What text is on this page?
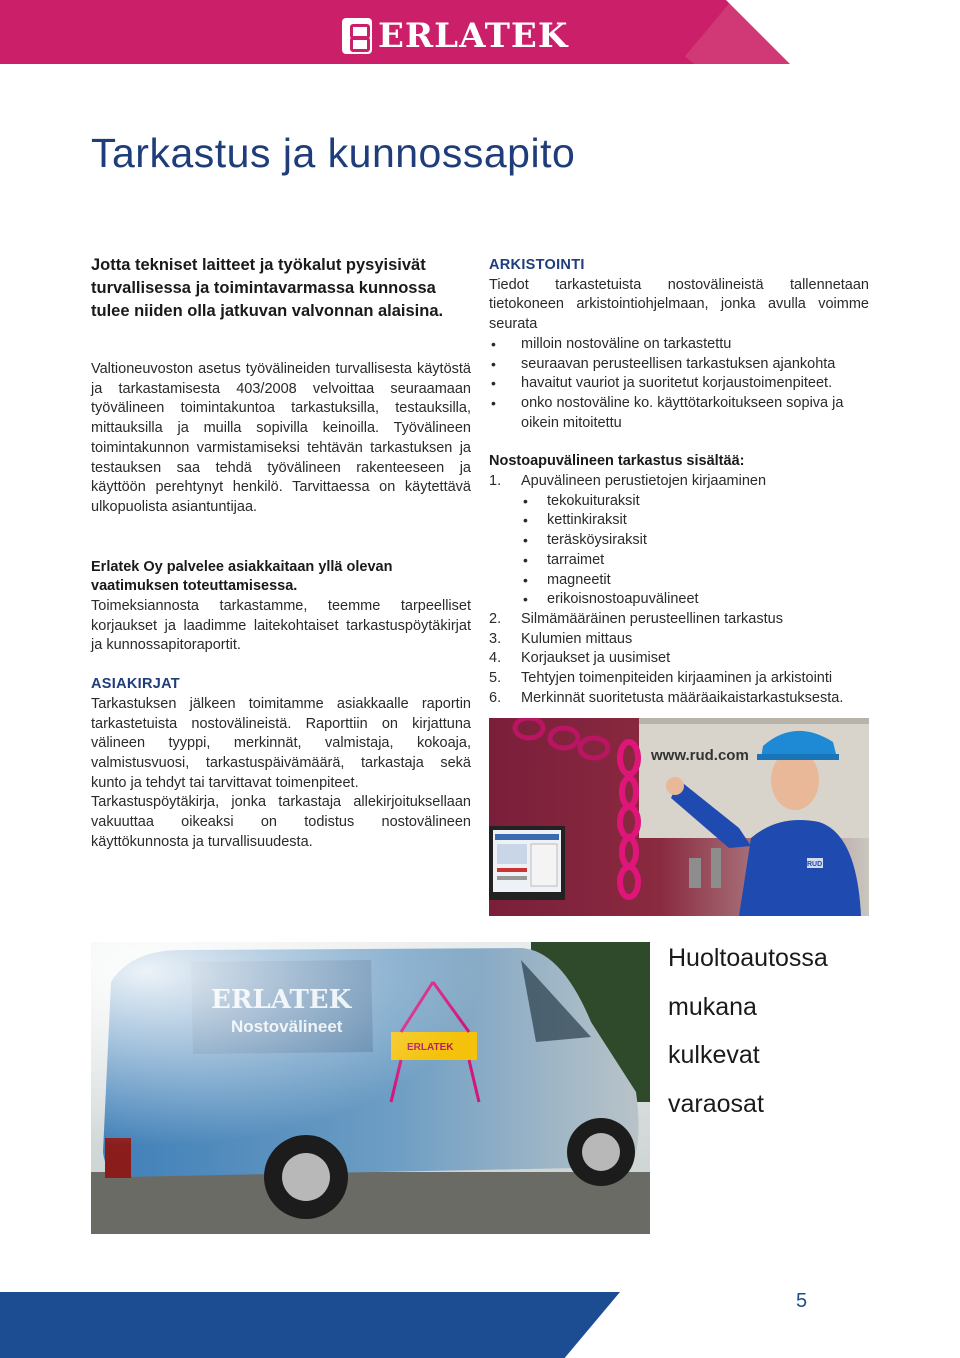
ERLATEK
Tarkastus ja kunnossapito

Jotta tekniset laitteet ja työkalut pysyisivät turvallisessa ja toimintavarmassa kunnossa tulee niiden olla jatkuvan valvonnan alaisina.

Valtioneuvoston asetus työvälineiden turvallisesta käytöstä ja tarkastamisesta 403/2008 velvoittaa seuraamaan työvälineen toimintakuntoa tarkastuksilla, testauksilla, mittauksilla ja muilla sopivilla keinoilla. Työvälineen toimintakunnon varmistamiseksi tehtävän tarkastuksen ja testauksen saa tehdä työvälineen rakenteeseen ja käyttöön perehtynyt henkilö. Tarvittaessa on käytettävä ulkopuolista asiantuntijaa.

Erlatek Oy palvelee asiakkaitaan yllä olevan vaatimuksen toteuttamisessa.

Toimeksiannosta tarkastamme, teemme tarpeelliset korjaukset ja laadimme laitekohtaiset tarkastuspöytäkirjat ja kunnossapitoraportit.

ASIAKIRJAT

Tarkastuksen jälkeen toimitamme asiakkaalle raportin tarkastetuista nostovälineistä. Raporttiin on kirjattuna välineen tyyppi, merkinnät, valmistaja, kokoaja, valmistusvuosi, tarkastuspäivämäärä, tarkastaja sekä kunto ja tehdyt tai tarvittavat toimenpiteet.

Tarkastuspöytäkirja, jonka tarkastaja allekirjoituksellaan vakuuttaa oikeaksi on todistus nostovälineen käyttökunnosta ja turvallisuudesta.

ARKISTOINTI

Tiedot tarkastetuista nostovälineistä tallennetaan tietokoneen arkistointiohjelmaan, jonka avulla voimme seurata

• milloin nostoväline on tarkastettu
• seuraavan perusteellisen tarkastuksen ajankohta
• havaitut vauriot ja suoritetut korjaustoimenpiteet.
• onko nostoväline ko. käyttötarkoitukseen sopiva ja oikein mitoitettu

Nostoapuvälineen tarkastus sisältää:

1. Apuvälineen perustietojen kirjaaminen
• tekokuituraksit
• kettinkiraksit
• teräsköysiraksit
• tarraimet
• magneetit
• erikoisnostoapuvälineet
2. Silmämääräinen perusteellinen tarkastus
3. Kulumien mittaus
4. Korjaukset ja uusimiset
5. Tehtyjen toimenpiteiden kirjaaminen ja arkistointi
6. Merkinnät suoritetusta määräaikaistarkastuksesta.
www.rud.com
RUD
Huoltoautossa
mukana
kulkevat
varaosat
5
